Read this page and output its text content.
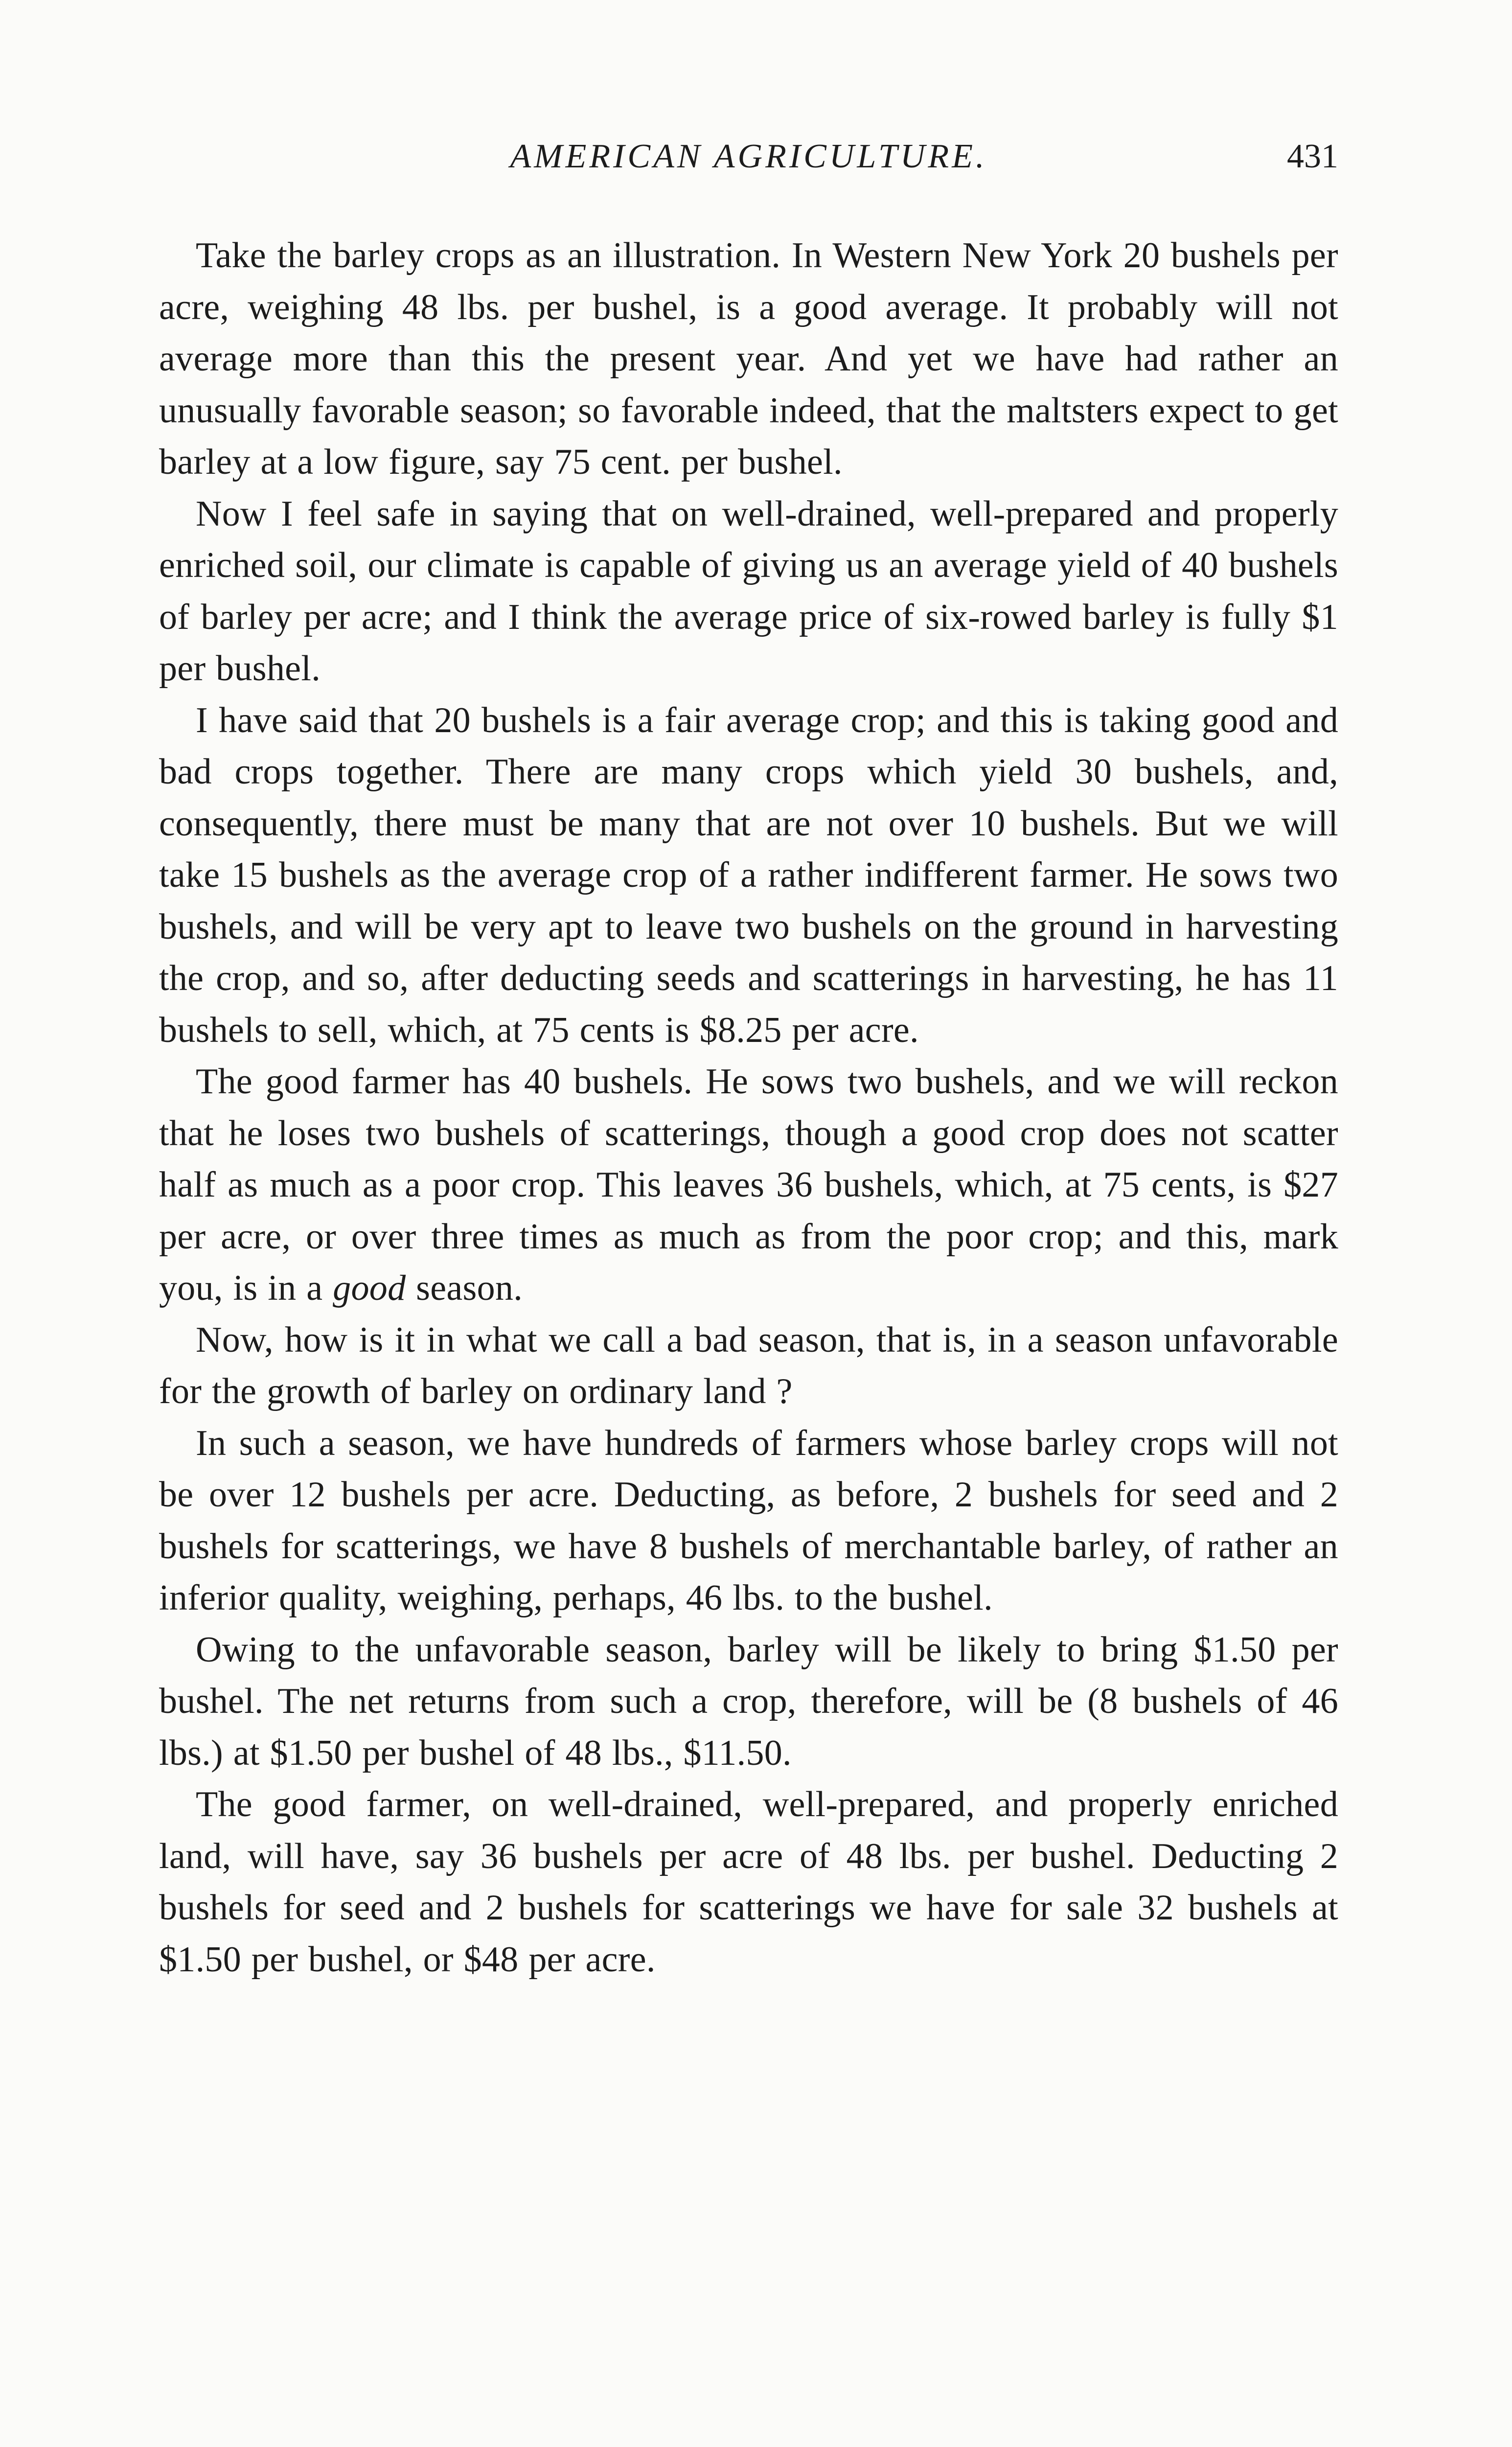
AMERICAN AGRICULTURE.	431

Take the barley crops as an illustration. In Western New York 20 bushels per acre, weighing 48 lbs. per bushel, is a good average. It probably will not average more than this the present year. And yet we have had rather an unusually favorable season; so favorable indeed, that the maltsters expect to get barley at a low figure, say 75 cent. per bushel.

Now I feel safe in saying that on well-drained, well-prepared and properly enriched soil, our climate is capable of giving us an average yield of 40 bushels of barley per acre; and I think the average price of six-rowed barley is fully $1 per bushel.

I have said that 20 bushels is a fair average crop; and this is taking good and bad crops together. There are many crops which yield 30 bushels, and, consequently, there must be many that are not over 10 bushels. But we will take 15 bushels as the average crop of a rather indifferent farmer. He sows two bushels, and will be very apt to leave two bushels on the ground in harvesting the crop, and so, after deducting seeds and scatterings in harvesting, he has 11 bushels to sell, which, at 75 cents is $8.25 per acre.

The good farmer has 40 bushels. He sows two bushels, and we will reckon that he loses two bushels of scatterings, though a good crop does not scatter half as much as a poor crop. This leaves 36 bushels, which, at 75 cents, is $27 per acre, or over three times as much as from the poor crop; and this, mark you, is in a good season.

Now, how is it in what we call a bad season, that is, in a season unfavorable for the growth of barley on ordinary land ?

In such a season, we have hundreds of farmers whose barley crops will not be over 12 bushels per acre. Deducting, as before, 2 bushels for seed and 2 bushels for scatterings, we have 8 bushels of merchantable barley, of rather an inferior quality, weighing, perhaps, 46 lbs. to the bushel.

Owing to the unfavorable season, barley will be likely to bring $1.50 per bushel. The net returns from such a crop, therefore, will be (8 bushels of 46 lbs.) at $1.50 per bushel of 48 lbs., $11.50.

The good farmer, on well-drained, well-prepared, and properly enriched land, will have, say 36 bushels per acre of 48 lbs. per bushel. Deducting 2 bushels for seed and 2 bushels for scatterings we have for sale 32 bushels at $1.50 per bushel, or $48 per acre.
